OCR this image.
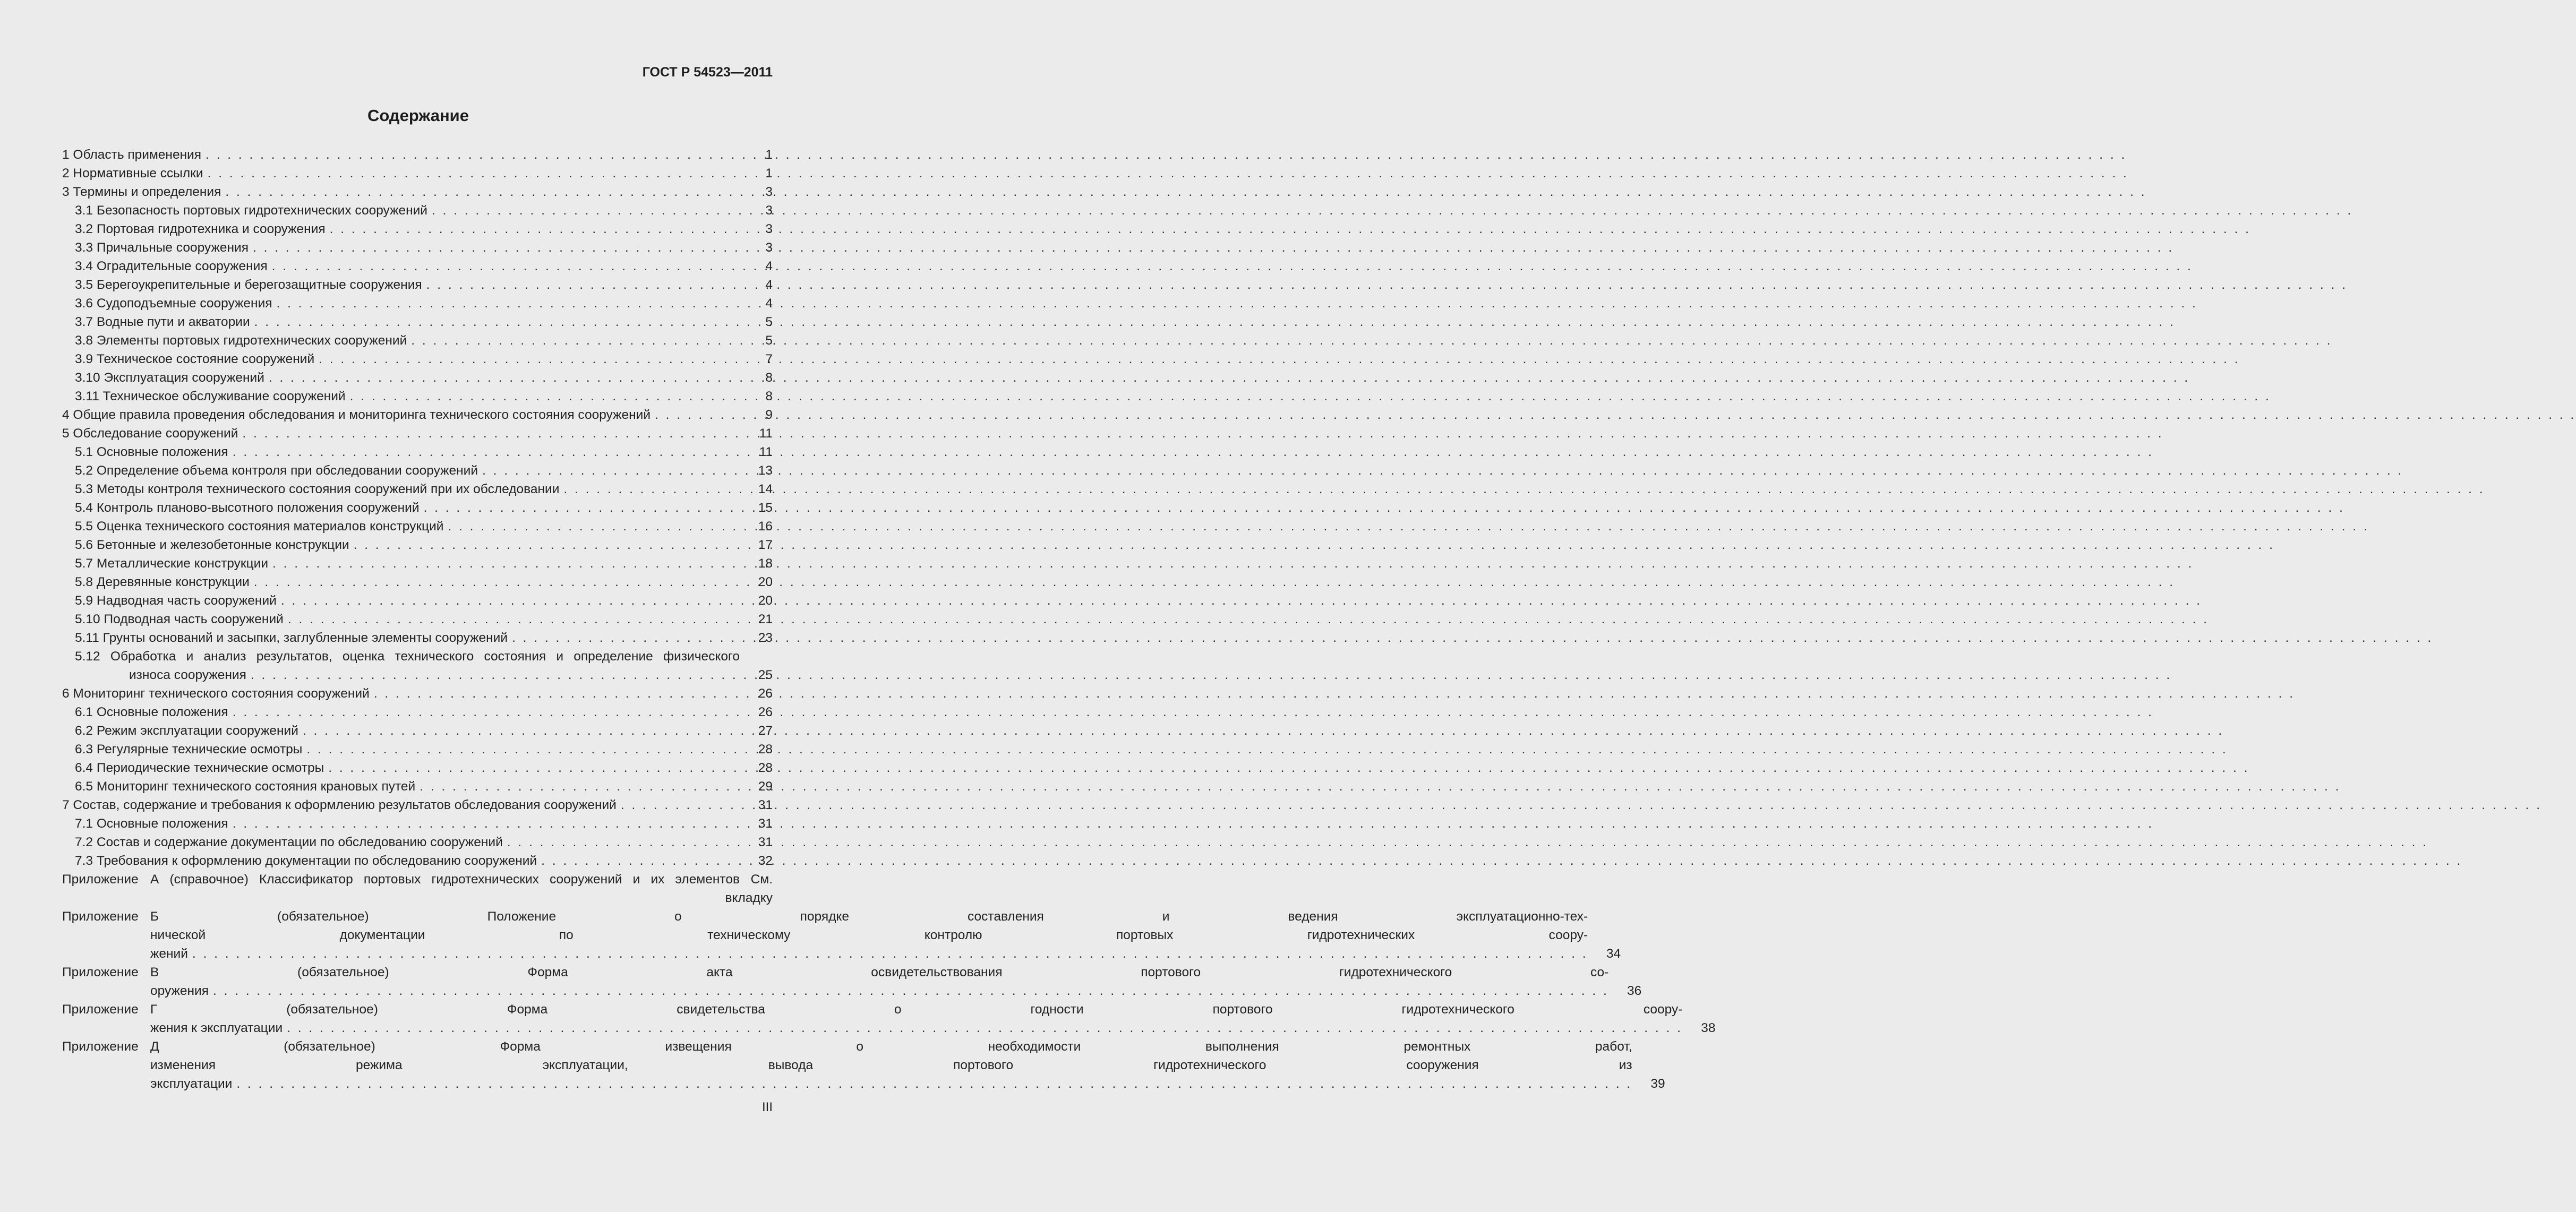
ГОСТ Р 54523—2011
Содержание
1 Область применения . . .	1
2 Нормативные ссылки . . .	1
3 Термины и определения . . .	3
3.1 Безопасность портовых гидротехнических сооружений . . .	3
3.2 Портовая гидротехника и сооружения . . .	3
3.3 Причальные сооружения . . .	3
3.4 Оградительные сооружения . . .	4
3.5 Берегоукрепительные и берегозащитные сооружения . . .	4
3.6 Судоподъемные сооружения . . .	4
3.7 Водные пути и акватории . . .	5
3.8 Элементы портовых гидротехнических сооружений . . .	5
3.9 Техническое состояние сооружений . . .	7
3.10 Эксплуатация сооружений . . .	8
3.11 Техническое обслуживание сооружений . . .	8
4 Общие правила проведения обследования и мониторинга технического состояния сооружений . . .	9
5 Обследование сооружений . . .	11
5.1 Основные положения . . .	11
5.2 Определение объема контроля при обследовании сооружений . . .	13
5.3 Методы контроля технического состояния сооружений при их обследовании . . .	14
5.4 Контроль планово-высотного положения сооружений . . .	15
5.5 Оценка технического состояния материалов конструкций . . .	16
5.6 Бетонные и железобетонные конструкции . . .	17
5.7 Металлические конструкции . . .	18
5.8 Деревянные конструкции . . .	20
5.9 Надводная часть сооружений . . .	20
5.10 Подводная часть сооружений . . .	21
5.11 Грунты оснований и засыпки, заглубленные элементы сооружений . . .	23
5.12 Обработка и анализ результатов, оценка технического состояния и определение физического
износа сооружения . . .	25
6 Мониторинг технического состояния сооружений . . .	26
6.1 Основные положения . . .	26
6.2 Режим эксплуатации сооружений . . .	27
6.3 Регулярные технические осмотры . . .	28
6.4 Периодические технические осмотры . . .	28
6.5 Мониторинг технического состояния крановых путей . . .	29
7 Состав, содержание и требования к оформлению результатов обследования сооружений . . .	31
7.1 Основные положения . . .	31
7.2 Состав и содержание документации по обследованию сооружений . . .	31
7.3 Требования к оформлению документации по обследованию сооружений . . .	32
Приложение А (справочное) Классификатор портовых гидротехнических сооружений и их элементов См.
вкладку
Приложение Б (обязательное) Положение о порядке составления и ведения эксплуатационно-тех-
нической документации по техническому контролю портовых гидротехнических соору-
жений . . .	34
Приложение В (обязательное) Форма акта освидетельствования портового гидротехнического со-
оружения . . .	36
Приложение Г (обязательное) Форма свидетельства о годности портового гидротехнического соору-
жения к эксплуатации . . .	38
Приложение Д (обязательное) Форма извещения о необходимости выполнения ремонтных работ,
изменения режима эксплуатации, вывода портового гидротехнического сооружения из
эксплуатации . . .	39
III
